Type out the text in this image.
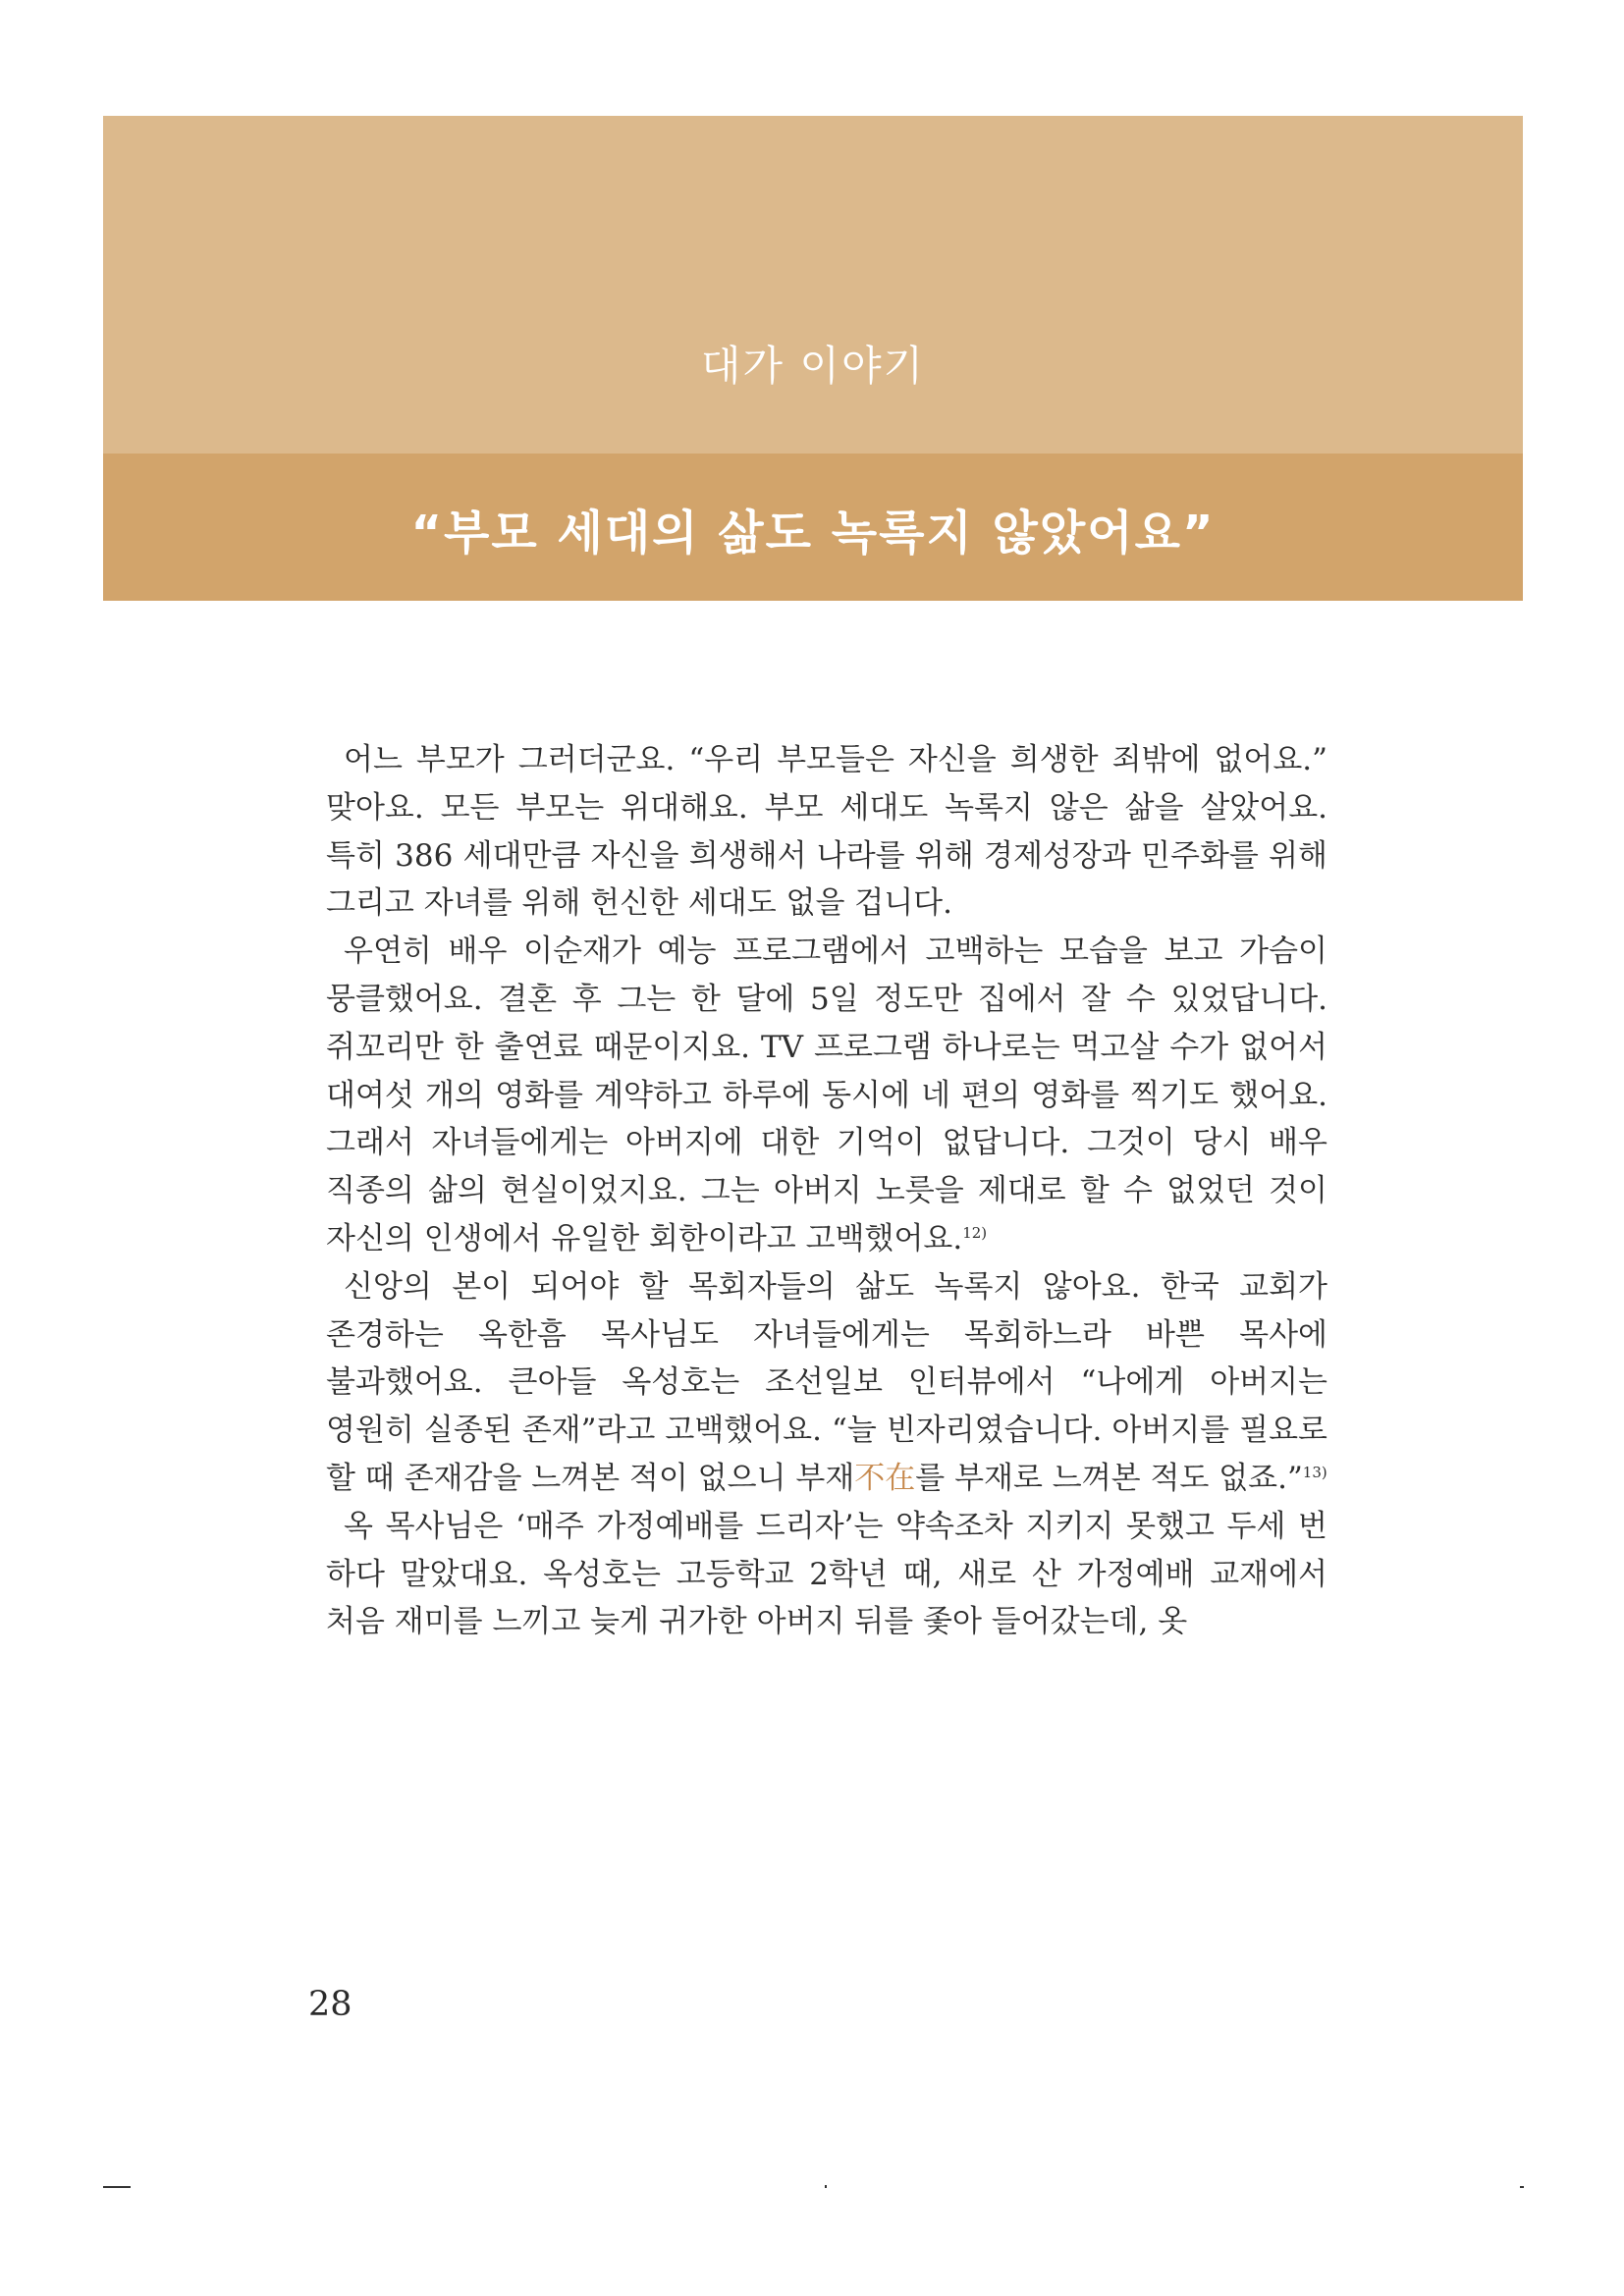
대가 이야기
“부모 세대의 삶도 녹록지 않았어요”

어느 부모가 그러더군요. “우리 부모들은 자신을 희생한 죄밖에 없어요.” 맞아요. 모든 부모는 위대해요. 부모 세대도 녹록지 않은 삶을 살았어요. 특히 386 세대만큼 자신을 희생해서 나라를 위해 경제성장과 민주화를 위해 그리고 자녀를 위해 헌신한 세대도 없을 겁니다.

우연히 배우 이순재가 예능 프로그램에서 고백하는 모습을 보고 가슴이 뭉클했어요. 결혼 후 그는 한 달에 5일 정도만 집에서 잘 수 있었답니다. 쥐꼬리만 한 출연료 때문이지요. TV 프로그램 하나로는 먹고살 수가 없어서 대여섯 개의 영화를 계약하고 하루에 동시에 네 편의 영화를 찍기도 했어요. 그래서 자녀들에게는 아버지에 대한 기억이 없답니다. 그것이 당시 배우 직종의 삶의 현실이었지요. 그는 아버지 노릇을 제대로 할 수 없었던 것이 자신의 인생에서 유일한 회한이라고 고백했어요.$^{12)}$

신앙의 본이 되어야 할 목회자들의 삶도 녹록지 않아요. 한국 교회가 존경하는 옥한흠 목사님도 자녀들에게는 목회하느라 바쁜 목사에 불과했어요. 큰아들 옥성호는 조선일보 인터뷰에서 “나에게 아버지는 영원히 실종된 존재”라고 고백했어요. “늘 빈자리였습니다. 아버지를 필요로 할 때 존재감을 느껴본 적이 없으니 부재不在를 부재로 느껴본 적도 없죠.”$^{13)}$

옥 목사님은 ‘매주 가정예배를 드리자’는 약속조차 지키지 못했고 두세 번 하다 말았대요. 옥성호는 고등학교 2학년 때, 새로 산 가정예배 교재에서 처음 재미를 느끼고 늦게 귀가한 아버지 뒤를 좇아 들어갔는데, 옷

28
